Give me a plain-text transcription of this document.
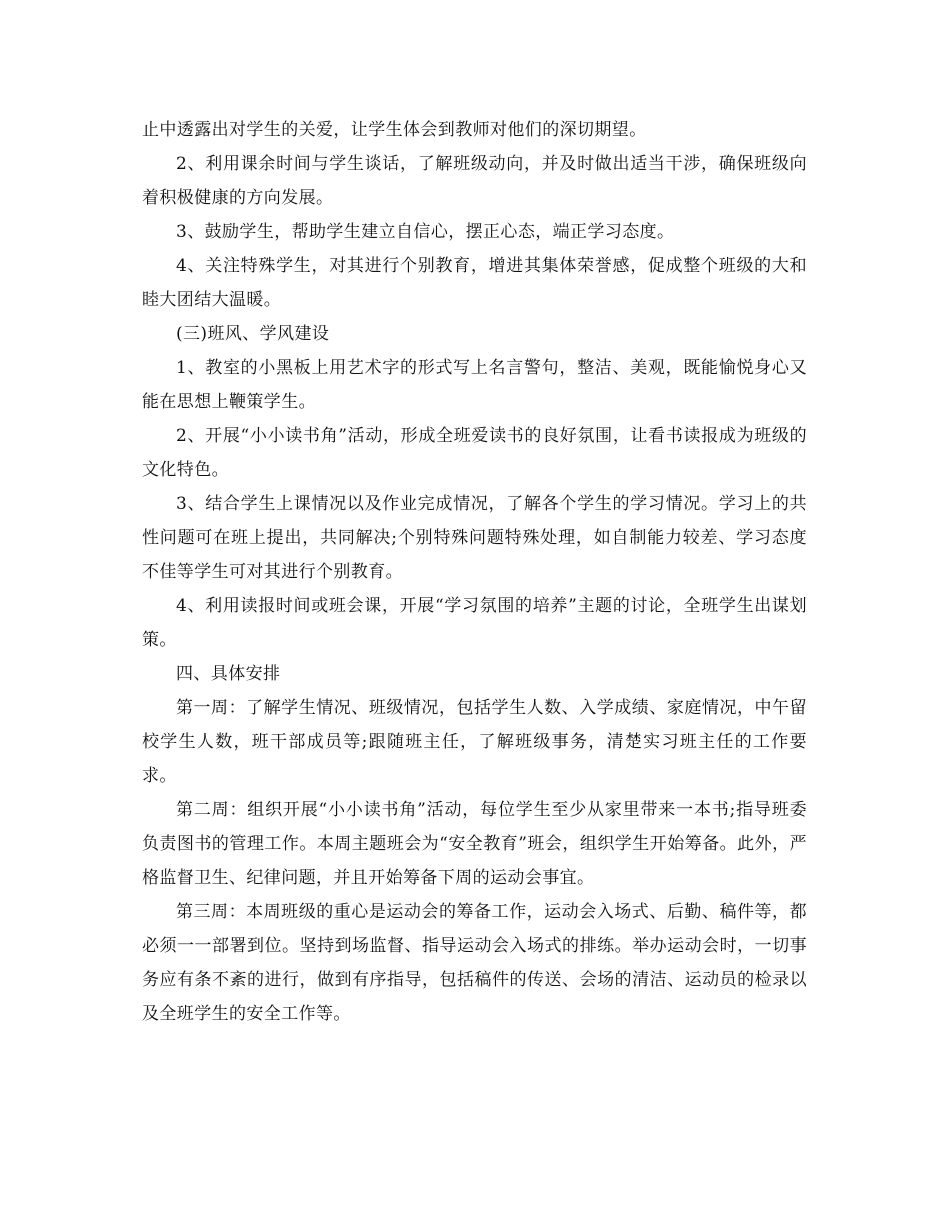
止中透露出对学生的关爱，让学生体会到教师对他们的深切期望。

2、利用课余时间与学生谈话，了解班级动向，并及时做出适当干涉，确保班级向着积极健康的方向发展。

3、鼓励学生，帮助学生建立自信心，摆正心态，端正学习态度。

4、关注特殊学生，对其进行个别教育，增进其集体荣誉感，促成整个班级的大和睦大团结大温暖。

(三)班风、学风建设

1、教室的小黑板上用艺术字的形式写上名言警句，整洁、美观，既能愉悦身心又能在思想上鞭策学生。

2、开展“小小读书角”活动，形成全班爱读书的良好氛围，让看书读报成为班级的文化特色。

3、结合学生上课情况以及作业完成情况，了解各个学生的学习情况。学习上的共性问题可在班上提出，共同解决;个别特殊问题特殊处理，如自制能力较差、学习态度不佳等学生可对其进行个别教育。

4、利用读报时间或班会课，开展“学习氛围的培养”主题的讨论，全班学生出谋划策。

四、具体安排

第一周：了解学生情况、班级情况，包括学生人数、入学成绩、家庭情况，中午留校学生人数，班干部成员等;跟随班主任，了解班级事务，清楚实习班主任的工作要求。

第二周：组织开展“小小读书角”活动，每位学生至少从家里带来一本书;指导班委负责图书的管理工作。本周主题班会为“安全教育”班会，组织学生开始筹备。此外，严格监督卫生、纪律问题，并且开始筹备下周的运动会事宜。

第三周：本周班级的重心是运动会的筹备工作，运动会入场式、后勤、稿件等，都必须一一部署到位。坚持到场监督、指导运动会入场式的排练。举办运动会时，一切事务应有条不紊的进行，做到有序指导，包括稿件的传送、会场的清洁、运动员的检录以及全班学生的安全工作等。
